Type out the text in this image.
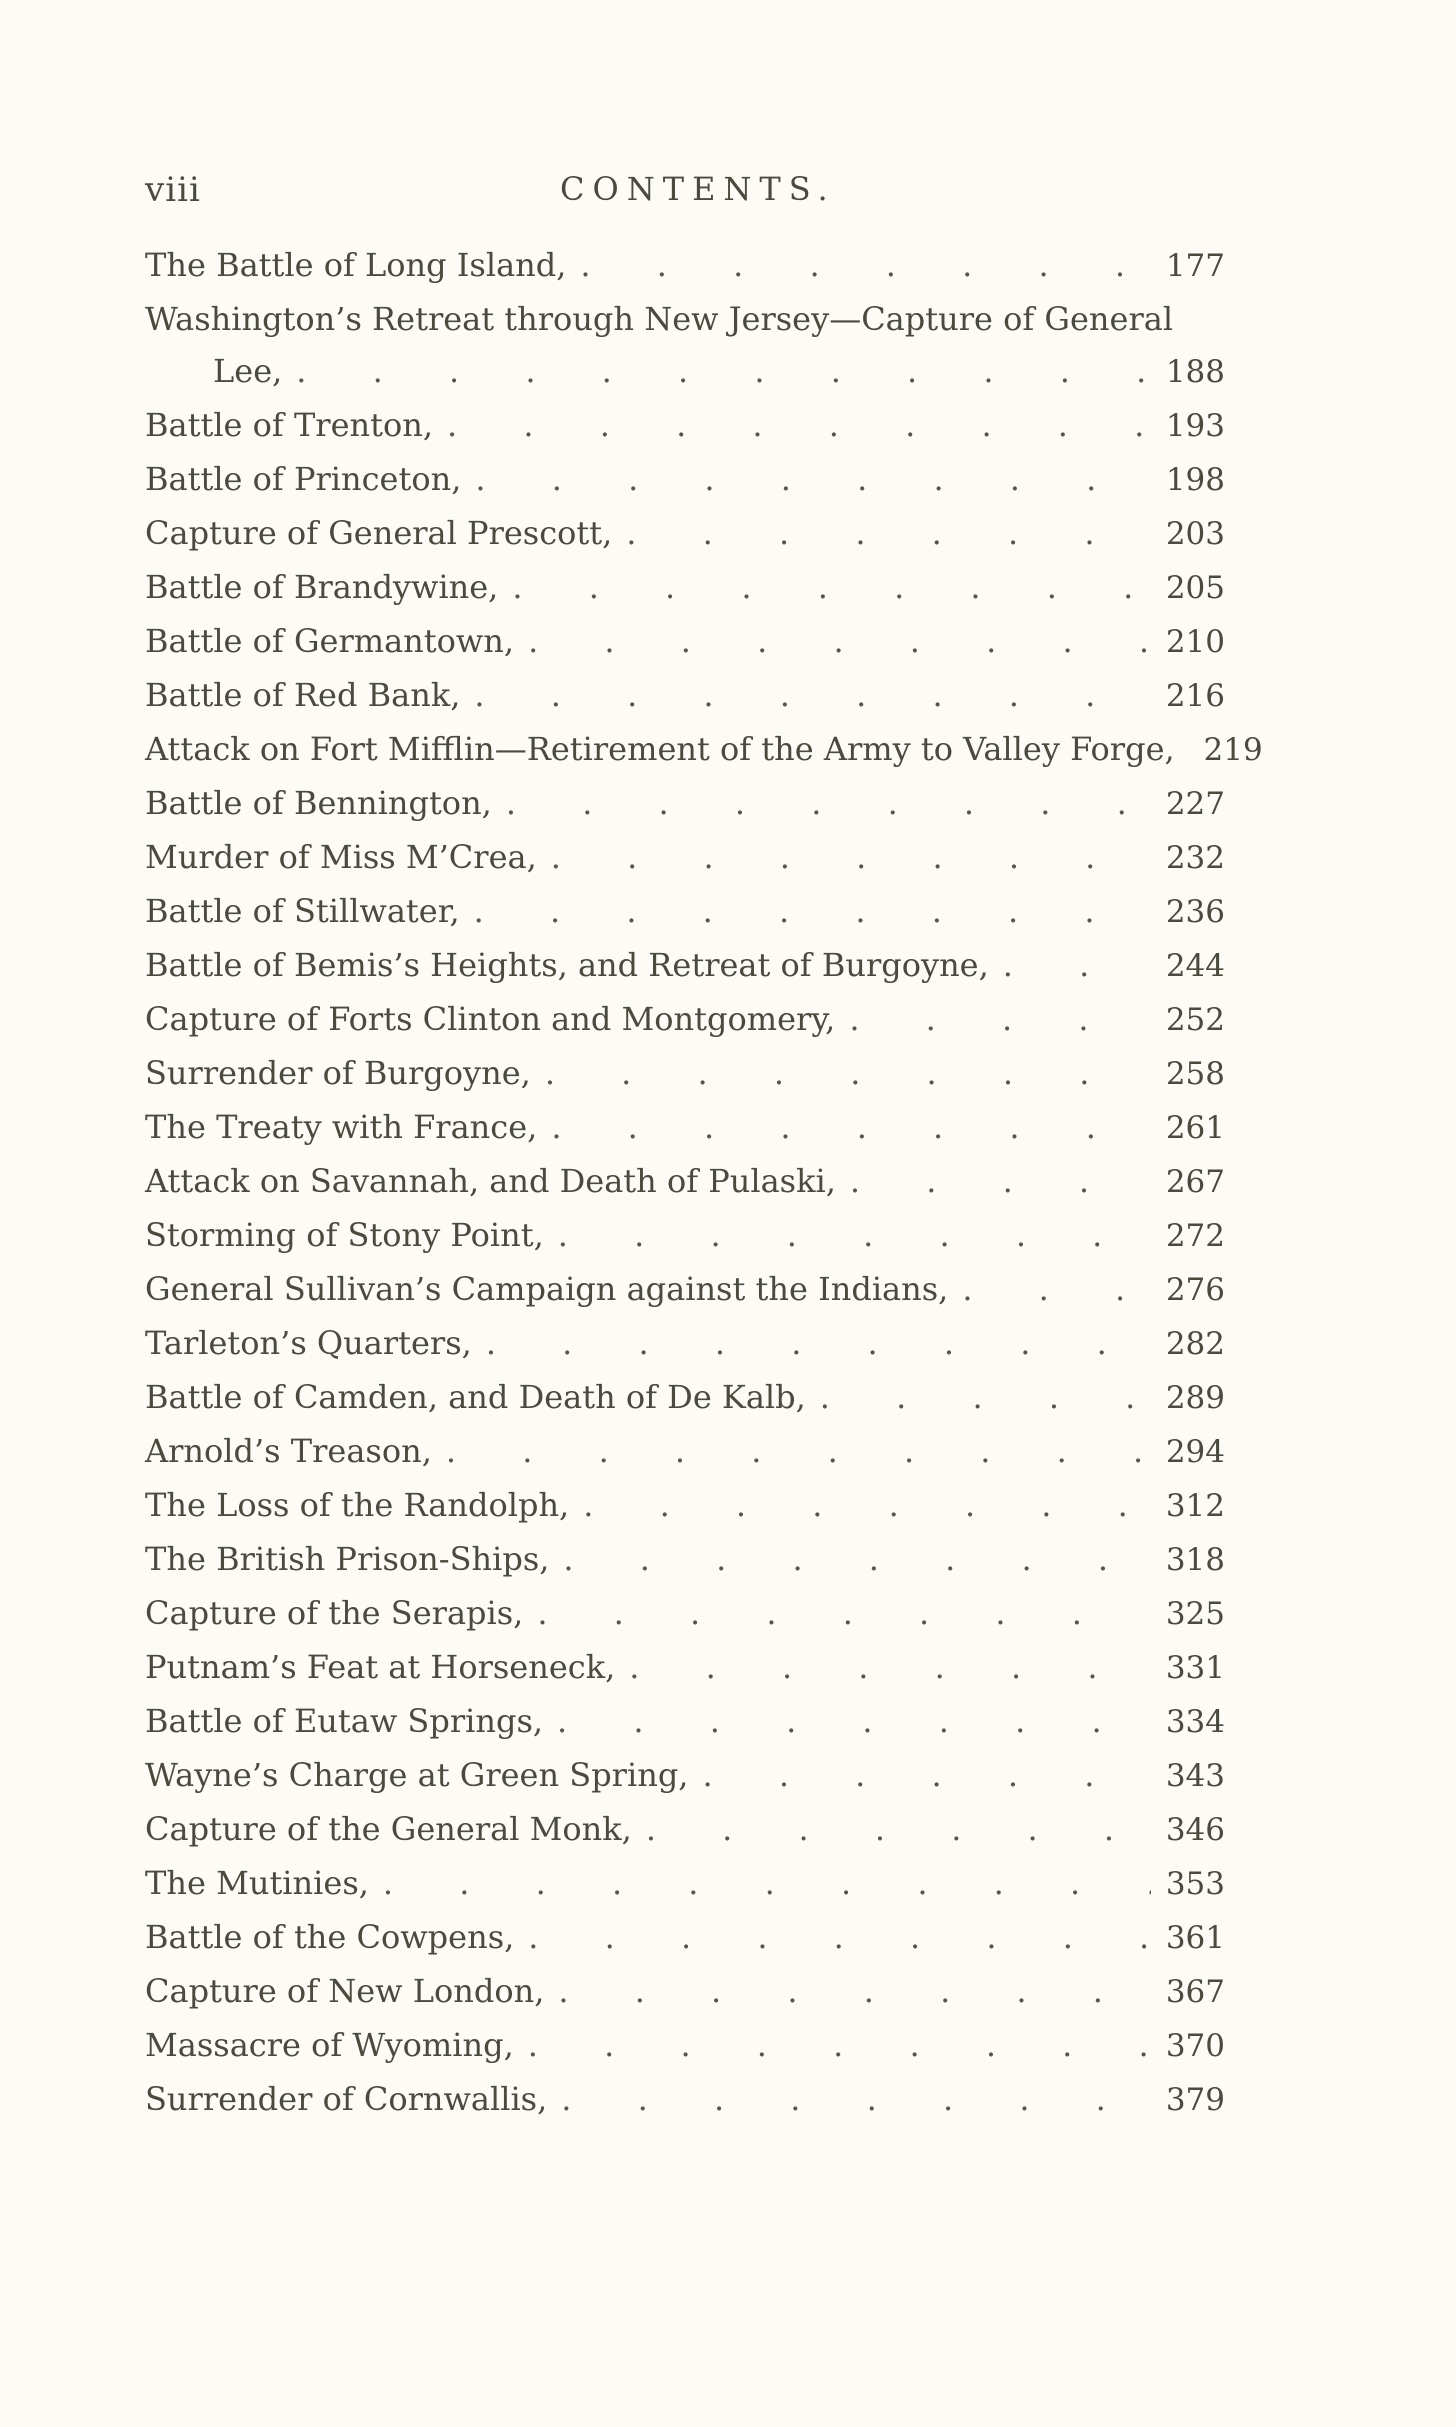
viii	CONTENTS.
The Battle of Long Island, . . .	177
Washington’s Retreat through New Jersey—Capture of General
Lee, . . .	188
Battle of Trenton, . . .	193
Battle of Princeton, . . .	198
Capture of General Prescott, . . .	203
Battle of Brandywine, . . .	205
Battle of Germantown, . . .	210
Battle of Red Bank, . . .	216
Attack on Fort Mifflin—Retirement of the Army to Valley Forge, 219
Battle of Bennington, . . .	227
Murder of Miss M’Crea, . . .	232
Battle of Stillwater, . . .	236
Battle of Bemis’s Heights, and Retreat of Burgoyne, . . .	244
Capture of Forts Clinton and Montgomery, . . .	252
Surrender of Burgoyne, . . .	258
The Treaty with France, . . .	261
Attack on Savannah, and Death of Pulaski, . . .	267
Storming of Stony Point, . . .	272
General Sullivan’s Campaign against the Indians, . . .	276
Tarleton’s Quarters, . . .	282
Battle of Camden, and Death of De Kalb, . . .	289
Arnold’s Treason, . . .	294
The Loss of the Randolph, . . .	312
The British Prison-Ships, . . .	318
Capture of the Serapis, . . .	325
Putnam’s Feat at Horseneck, . . .	331
Battle of Eutaw Springs, . . .	334
Wayne’s Charge at Green Spring, . . .	343
Capture of the General Monk, . . .	346
The Mutinies, . . .	353
Battle of the Cowpens, . . .	361
Capture of New London, . . .	367
Massacre of Wyoming, . . .	370
Surrender of Cornwallis, . . .	379
